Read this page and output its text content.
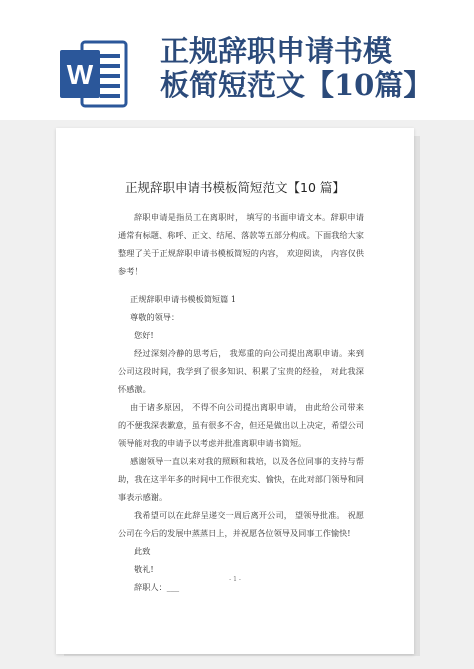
W
正规辞职申请书模
板简短范文【10篇】
正规辞职申请书模板简短范文【10 篇】

辞职申请是指员工在离职时， 填写的书面申请文本。辞职申请通常有标题、称呼、正文、结尾、落款等五部分构成。下面我给大家整理了关于正规辞职申请书模板简短的内容， 欢迎阅读， 内容仅供参考！

正规辞职申请书模板简短篇 1

尊敬的领导：

您好!

经过深刻冷静的思考后， 我郑重的向公司提出离职申请。来到公司这段时间，我学到了很多知识、积累了宝贵的经验， 对此我深怀感激。

由于诸多原因， 不得不向公司提出离职申请， 由此给公司带来的不便我深表歉意，虽有很多不舍，但还是做出以上决定，希望公司领导能对我的申请予以考虑并批准离职申请书简短。

感谢领导一直以来对我的照顾和栽培，以及各位同事的支持与帮助，我在这半年多的时间中工作很充实、愉快，在此对部门领导和同事表示感谢。

我希望可以在此辞呈递交一周后离开公司， 望领导批准。 祝愿公司在今后的发展中蒸蒸日上，并祝愿各位领导及同事工作愉快!

此致

敬礼!

辞职人：___

- 1 -
